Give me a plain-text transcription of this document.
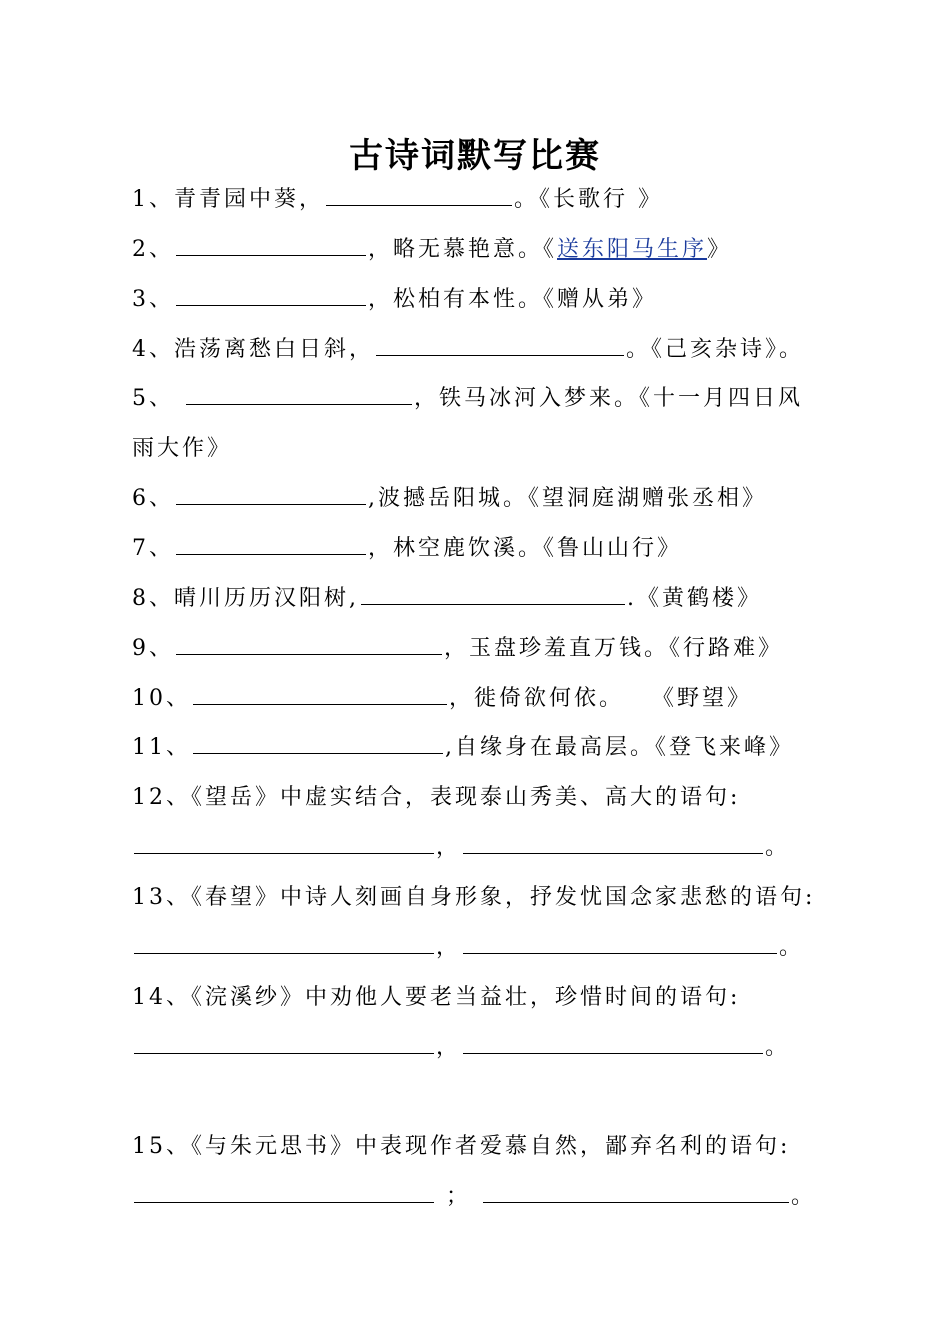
古诗词默写比赛
1、青青园中葵，	。《长歌行 》
2、	，略无慕艳意。《送东阳马生序》
3、	，松柏有本性。《赠从弟》
4、浩荡离愁白日斜，	。《己亥杂诗》。
5、	，铁马冰河入梦来。《十一月四日风
雨大作》
6、	,波撼岳阳城。《望洞庭湖赠张丞相》
7、	，林空鹿饮溪。《鲁山山行》
8、晴川历历汉阳树,	.《黄鹤楼》
9、	，玉盘珍羞直万钱。《行路难》
10、	，徙倚欲何依。　　《野望》
11、	,自缘身在最高层。《登飞来峰》
12、《望岳》中虚实结合，表现泰山秀美、高大的语句:
，	。
13、《春望》中诗人刻画自身形象，抒发忧国念家悲愁的语句:
，	。
14、《浣溪纱》中劝他人要老当益壮，珍惜时间的语句:
，	。
15、《与朱元思书》中表现作者爱慕自然，鄙弃名利的语句:
；	。
